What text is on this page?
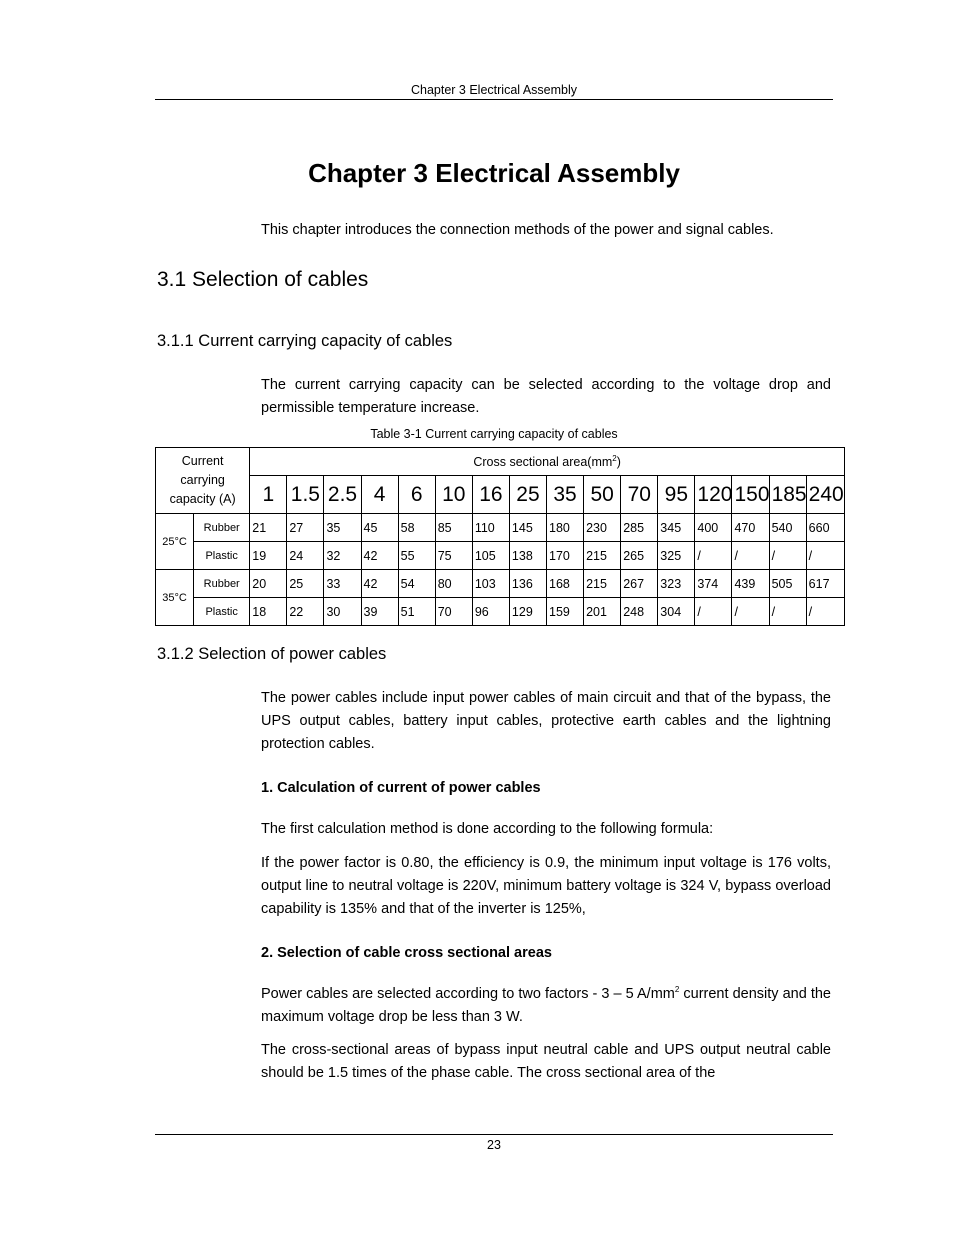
Chapter 3 Electrical Assembly
Chapter 3 Electrical Assembly
This chapter introduces the connection methods of the power and signal cables.
3.1 Selection of cables
3.1.1 Current carrying capacity of cables
The current carrying capacity can be selected according to the voltage drop and permissible temperature increase.
Table 3-1 Current carrying capacity of cables
Current carrying capacity (A)		Cross sectional $area(mm^2)$															
		1	1.5	2.5	4	6	10	16	25	35	50	70	95	120	150	185	240
25°C	Rubber	21	27	35	45	58	85	110	145	180	230	285	345	400	470	540	660
	Plastic	19	24	32	42	55	75	105	138	170	215	265	325	/	/	/	/
35°C	Rubber	20	25	33	42	54	80	103	136	168	215	267	323	374	439	505	617
	Plastic	18	22	30	39	51	70	96	129	159	201	248	304	/	/	/	/
3.1.2 Selection of power cables
The power cables include input power cables of main circuit and that of the bypass, the UPS output cables, battery input cables, protective earth cables and the lightning protection cables.
1. Calculation of current of power cables
The first calculation method is done according to the following formula:
If the power factor is 0.80, the efficiency is 0.9, the minimum input voltage is 176 volts, output line to neutral voltage is 220V, minimum battery voltage is 324 V, bypass overload capability is 135% and that of the inverter is 125%,
2. Selection of cable cross sectional areas
Power cables are selected according to two factors - 3 – 5 $A/mm^2$ current density and the maximum voltage drop be less than 3 W.
The cross-sectional areas of bypass input neutral cable and UPS output neutral cable should be 1.5 times of the phase cable. The cross sectional area of the
23
